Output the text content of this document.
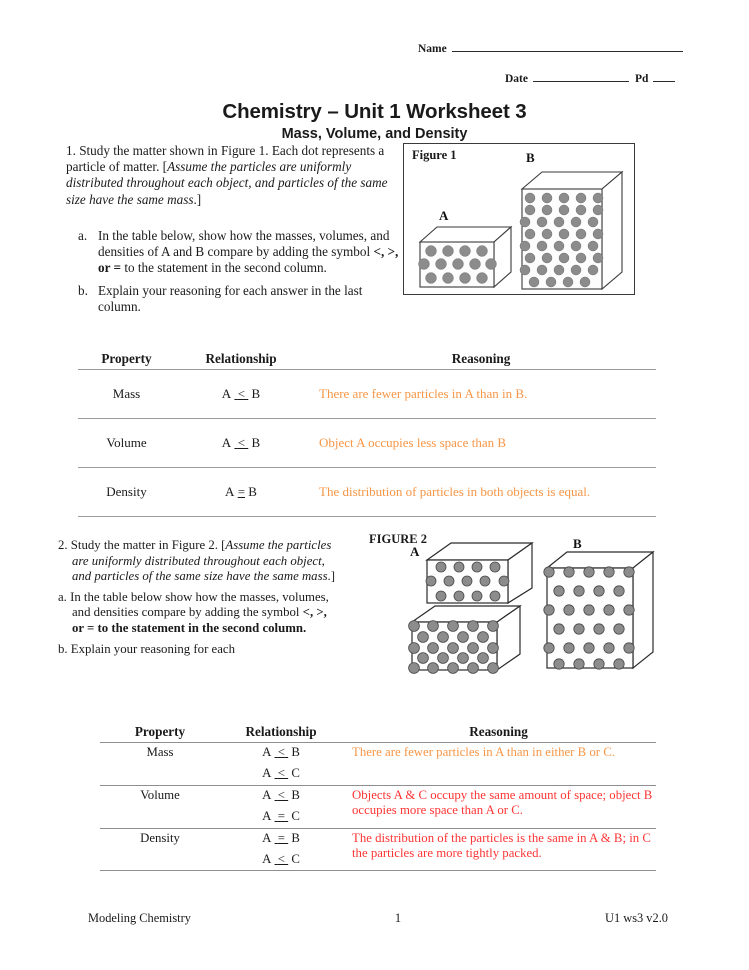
Name
Date	Pd
Chemistry – Unit 1 Worksheet 3
Mass, Volume, and Density
1. Study the matter shown in Figure 1. Each dot represents a particle of matter. [Assume the particles are uniformly distributed throughout each object, and particles of the same size have the same mass.]
a. In the table below, show how the masses, volumes, and densities of A and B compare by adding the symbol <, >, or = to the statement in the second column.
b. Explain your reasoning for each answer in the last column.
Figure 1	B
A
Property	Relationship	Reasoning
Mass	A < B	There are fewer particles in A than in B.
Volume	A < B	Object A occupies less space than B
Density	A = B	The distribution of particles in both objects is equal.
2. Study the matter in Figure 2. [Assume the particles are uniformly distributed throughout each object, and particles of the same size have the same mass.]
a. In the table below show how the masses, volumes, and densities compare by adding the symbol <, >, or = to the statement in the second column.
b. Explain your reasoning for each
FIGURE 2
A
B
Property	Relationship	Reasoning
Mass	A < B
A < C	There are fewer particles in A than in either B or C.
Volume	A < B
A = C	Objects A & C occupy the same amount of space; object B occupies more space than A or C.
Density	A = B
A < C	The distribution of the particles is the same in A & B; in C the particles are more tightly packed.
Modeling Chemistry	1	U1 ws3 v2.0
